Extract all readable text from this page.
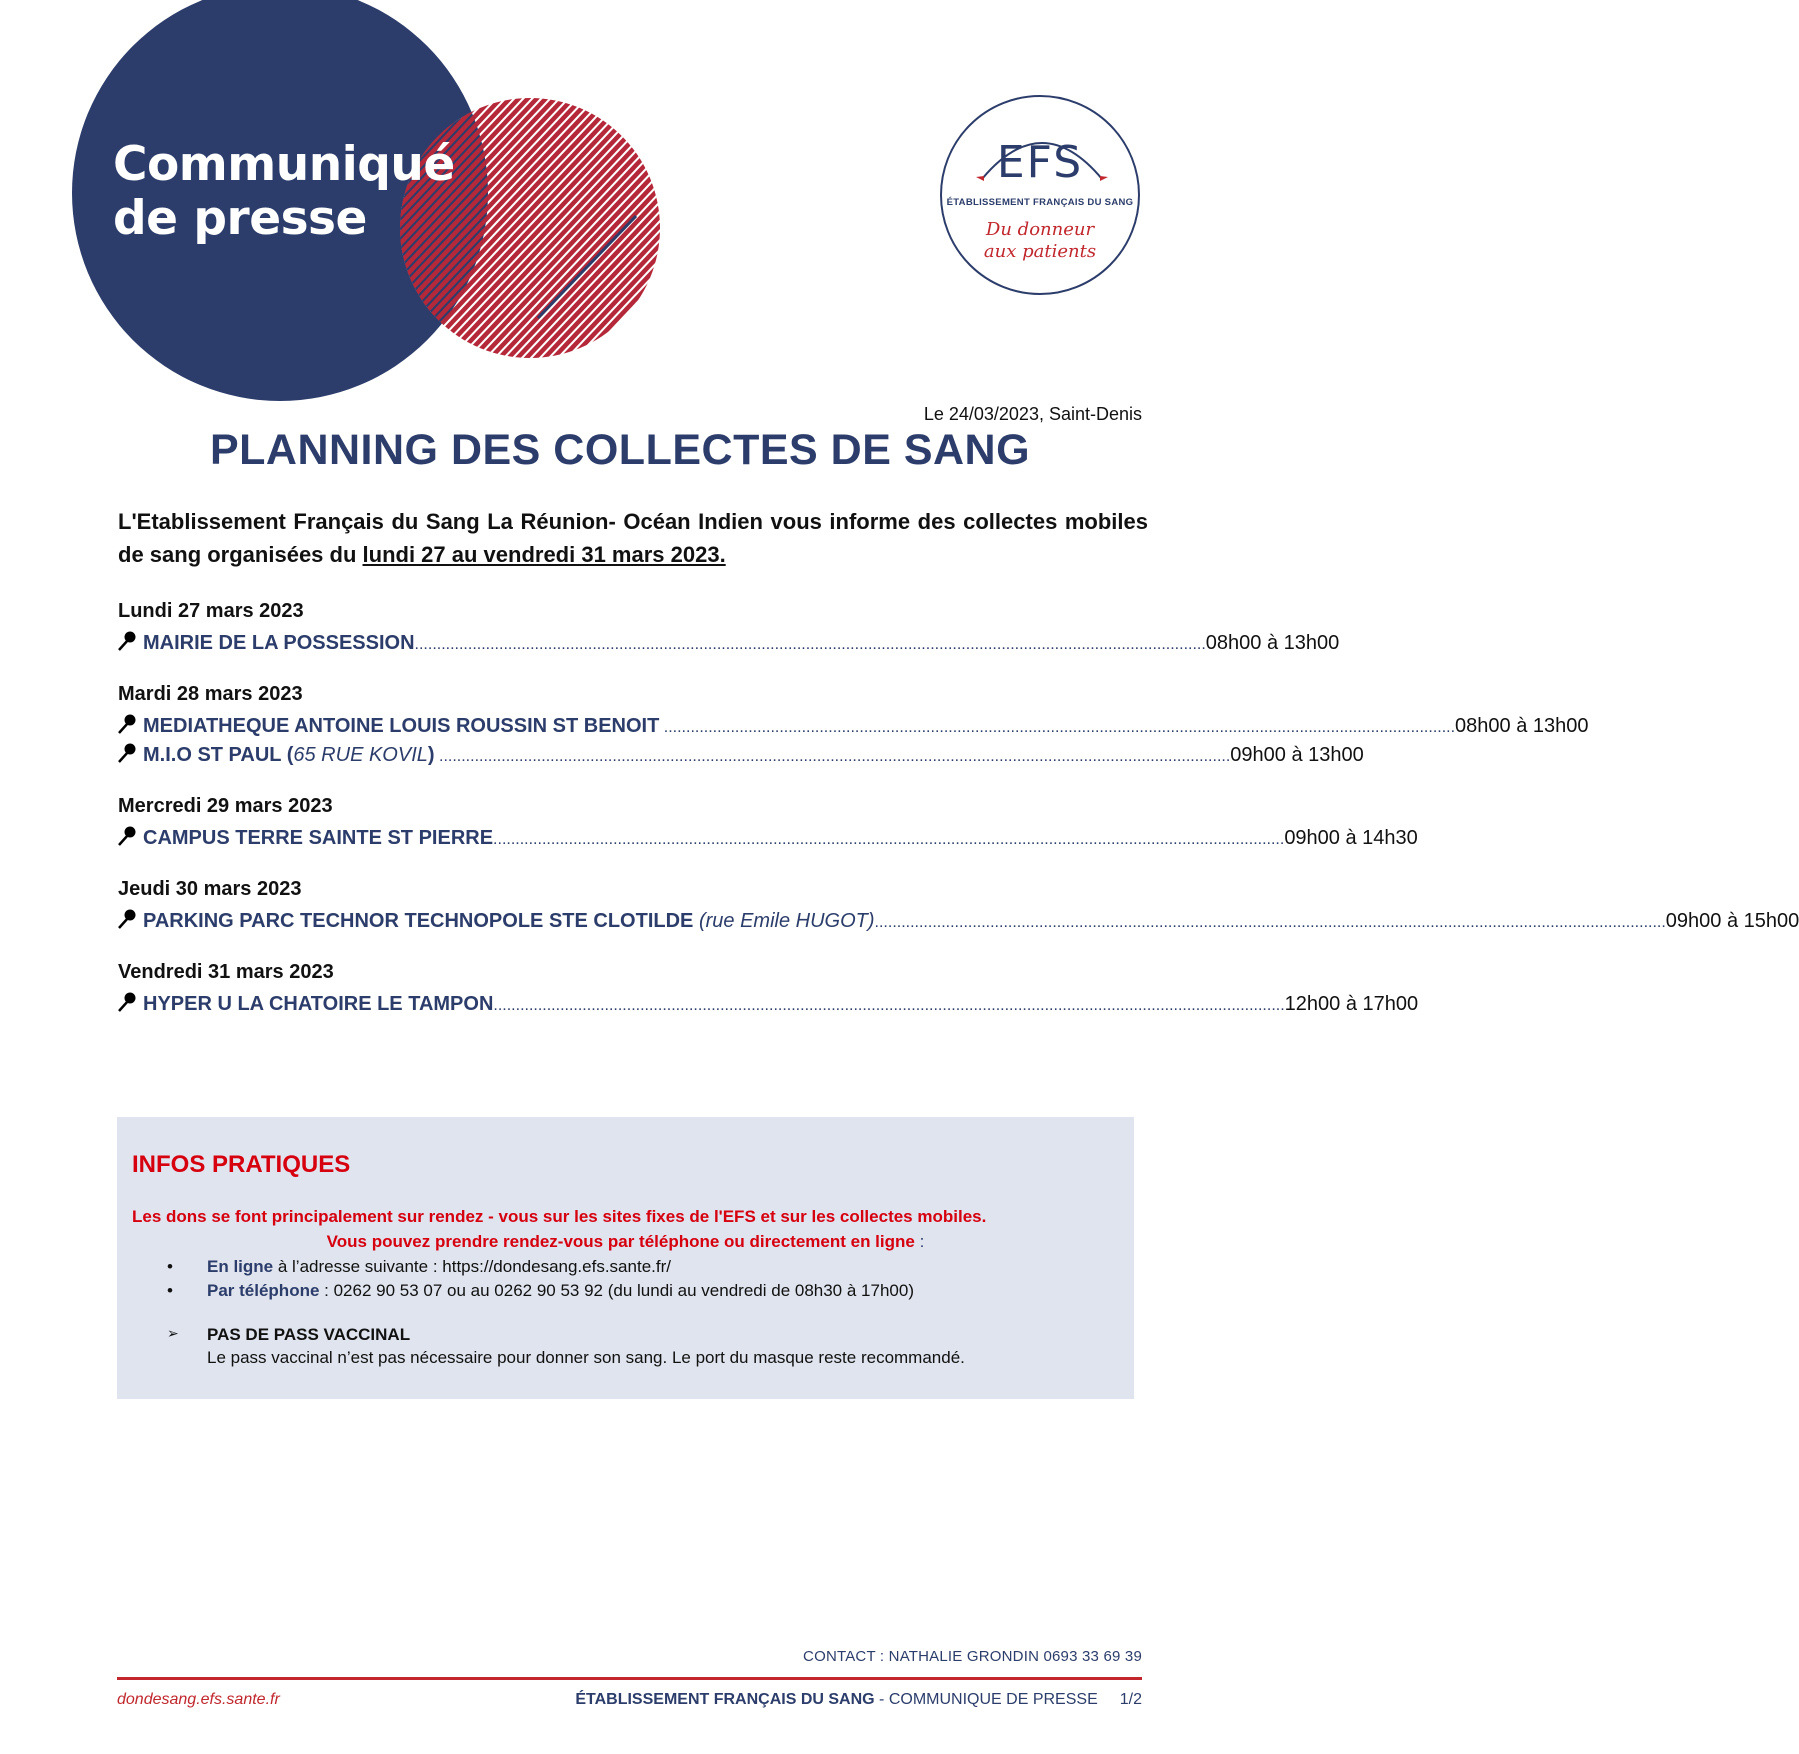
Communiqué
de presse
EFS
ÉTABLISSEMENT FRANÇAIS DU SANG
Du donneur
aux patients
Le 24/03/2023, Saint-Denis
PLANNING DES COLLECTES DE SANG
L'Etablissement Français du Sang La Réunion- Océan Indien vous informe des collectes mobiles de sang organisées du lundi 27 au vendredi 31 mars 2023.
Lundi 27 mars 2023
MAIRIE DE LA POSSESSION .................................................................................................................................................................................. 08h00 à 13h00
Mardi 28 mars 2023
MEDIATHEQUE ANTOINE LOUIS ROUSSIN ST BENOIT .................................................................................................................................................................................. 08h00 à 13h00
M.I.O ST PAUL (65 RUE KOVIL) .................................................................................................................................................................................. 09h00 à 13h00
Mercredi 29 mars 2023
CAMPUS TERRE SAINTE ST PIERRE .................................................................................................................................................................................. 09h00 à 14h30
Jeudi 30 mars 2023
PARKING PARC TECHNOR TECHNOPOLE STE CLOTILDE (rue Emile HUGOT) .................................................................................................................................................................................. 09h00 à 15h00
Vendredi 31 mars 2023
HYPER U LA CHATOIRE LE TAMPON .................................................................................................................................................................................. 12h00 à 17h00
INFOS PRATIQUES
Les dons se font principalement sur rendez - vous sur les sites fixes de l'EFS et sur les collectes mobiles.
Vous pouvez prendre rendez-vous par téléphone ou directement en ligne :
• En ligne à l’adresse suivante : https://dondesang.efs.sante.fr/
• Par téléphone : 0262 90 53 07 ou au 0262 90 53 92 (du lundi au vendredi de 08h30 à 17h00)
➢ PAS DE PASS VACCINAL
Le pass vaccinal n’est pas nécessaire pour donner son sang. Le port du masque reste recommandé.
CONTACT : NATHALIE GRONDIN 0693 33 69 39
dondesang.efs.sante.fr	ÉTABLISSEMENT FRANÇAIS DU SANG - COMMUNIQUE DE PRESSE 1/2
